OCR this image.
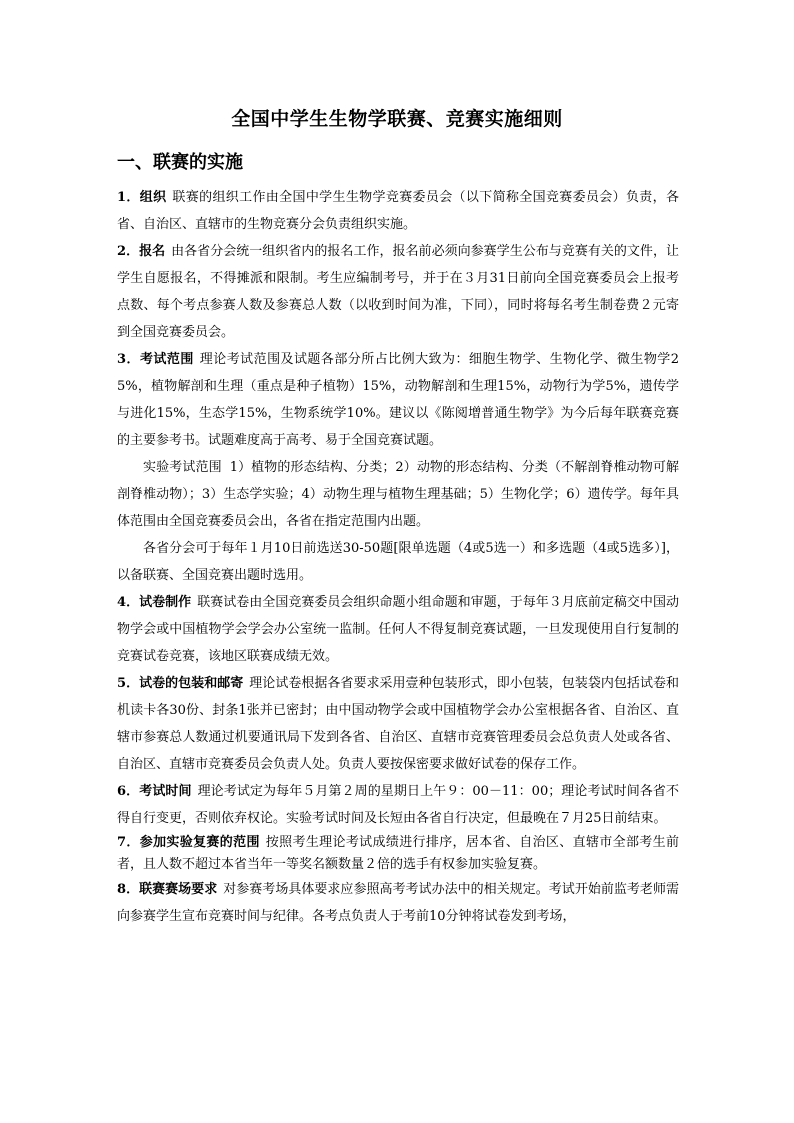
全国中学生生物学联赛、竞赛实施细则
一、联赛的实施

1．组织 联赛的组织工作由全国中学生生物学竞赛委员会（以下简称全国竞赛委员会）负责，各省、自治区、直辖市的生物竞赛分会负责组织实施。

2．报名 由各省分会统一组织省内的报名工作，报名前必须向参赛学生公布与竞赛有关的文件，让学生自愿报名，不得摊派和限制。考生应编制考号，并于在３月31日前向全国竞赛委员会上报考点数、每个考点参赛人数及参赛总人数（以收到时间为准，下同），同时将每名考生制卷费２元寄到全国竞赛委员会。

3．考试范围 理论考试范围及试题各部分所占比例大致为：细胞生物学、生物化学、微生物学25%，植物解剖和生理（重点是种子植物）15%，动物解剖和生理15%，动物行为学5%，遗传学与进化15%，生态学15%，生物系统学10%。建议以《陈阅增普通生物学》为今后每年联赛竞赛的主要参考书。试题难度高于高考、易于全国竞赛试题。

实验考试范围 1）植物的形态结构、分类；2）动物的形态结构、分类（不解剖脊椎动物可解剖脊椎动物）；3）生态学实验；4）动物生理与植物生理基础；5）生物化学；6）遗传学。每年具体范围由全国竞赛委员会出，各省在指定范围内出题。

各省分会可于每年１月10日前选送30-50题[限单选题（4或5选一）和多选题（4或5选多）]，以备联赛、全国竞赛出题时选用。

4．试卷制作 联赛试卷由全国竞赛委员会组织命题小组命题和审题，于每年３月底前定稿交中国动物学会或中国植物学会学会办公室统一监制。任何人不得复制竞赛试题，一旦发现使用自行复制的竞赛试卷竞赛，该地区联赛成绩无效。

5．试卷的包装和邮寄 理论试卷根据各省要求采用壹种包装形式，即小包装，包装袋内包括试卷和机读卡各30份、封条1张并已密封；由中国动物学会或中国植物学会办公室根据各省、自治区、直辖市参赛总人数通过机要通讯局下发到各省、自治区、直辖市竞赛管理委员会总负责人处或各省、自治区、直辖市竞赛委员会负责人处。负责人要按保密要求做好试卷的保存工作。

6．考试时间 理论考试定为每年５月第２周的星期日上午９：00－11：00；理论考试时间各省不得自行变更，否则依弃权论。实验考试时间及长短由各省自行决定，但最晚在７月25日前结束。

7．参加实验复赛的范围 按照考生理论考试成绩进行排序，居本省、自治区、直辖市全部考生前者，且人数不超过本省当年一等奖名额数量２倍的选手有权参加实验复赛。

8．联赛赛场要求 对参赛考场具体要求应参照高考考试办法中的相关规定。考试开始前监考老师需向参赛学生宣布竞赛时间与纪律。各考点负责人于考前10分钟将试卷发到考场，
